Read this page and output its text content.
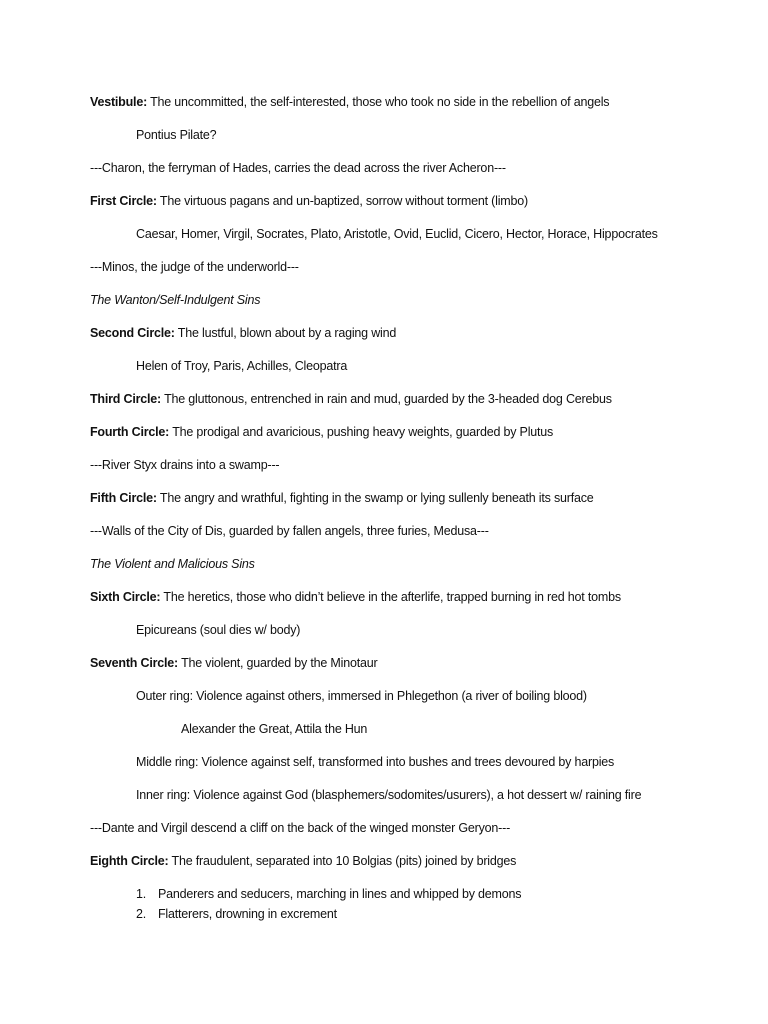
Vestibule: The uncommitted, the self-interested, those who took no side in the rebellion of angels
Pontius Pilate?
---Charon, the ferryman of Hades, carries the dead across the river Acheron---
First Circle: The virtuous pagans and un-baptized, sorrow without torment (limbo)
Caesar, Homer, Virgil, Socrates, Plato, Aristotle, Ovid, Euclid, Cicero, Hector, Horace, Hippocrates
---Minos, the judge of the underworld---
The Wanton/Self-Indulgent Sins
Second Circle: The lustful, blown about by a raging wind
Helen of Troy, Paris, Achilles, Cleopatra
Third Circle: The gluttonous, entrenched in rain and mud, guarded by the 3-headed dog Cerebus
Fourth Circle: The prodigal and avaricious, pushing heavy weights, guarded by Plutus
---River Styx drains into a swamp---
Fifth Circle: The angry and wrathful, fighting in the swamp or lying sullenly beneath its surface
---Walls of the City of Dis, guarded by fallen angels, three furies, Medusa---
The Violent and Malicious Sins
Sixth Circle: The heretics, those who didn’t believe in the afterlife, trapped burning in red hot tombs
Epicureans (soul dies w/ body)
Seventh Circle: The violent, guarded by the Minotaur
Outer ring: Violence against others, immersed in Phlegethon (a river of boiling blood)
Alexander the Great, Attila the Hun
Middle ring: Violence against self, transformed into bushes and trees devoured by harpies
Inner ring: Violence against God (blasphemers/sodomites/usurers), a hot dessert w/ raining fire
---Dante and Virgil descend a cliff on the back of the winged monster Geryon---
Eighth Circle: The fraudulent, separated into 10 Bolgias (pits) joined by bridges
1. Panderers and seducers, marching in lines and whipped by demons
2. Flatterers, drowning in excrement
